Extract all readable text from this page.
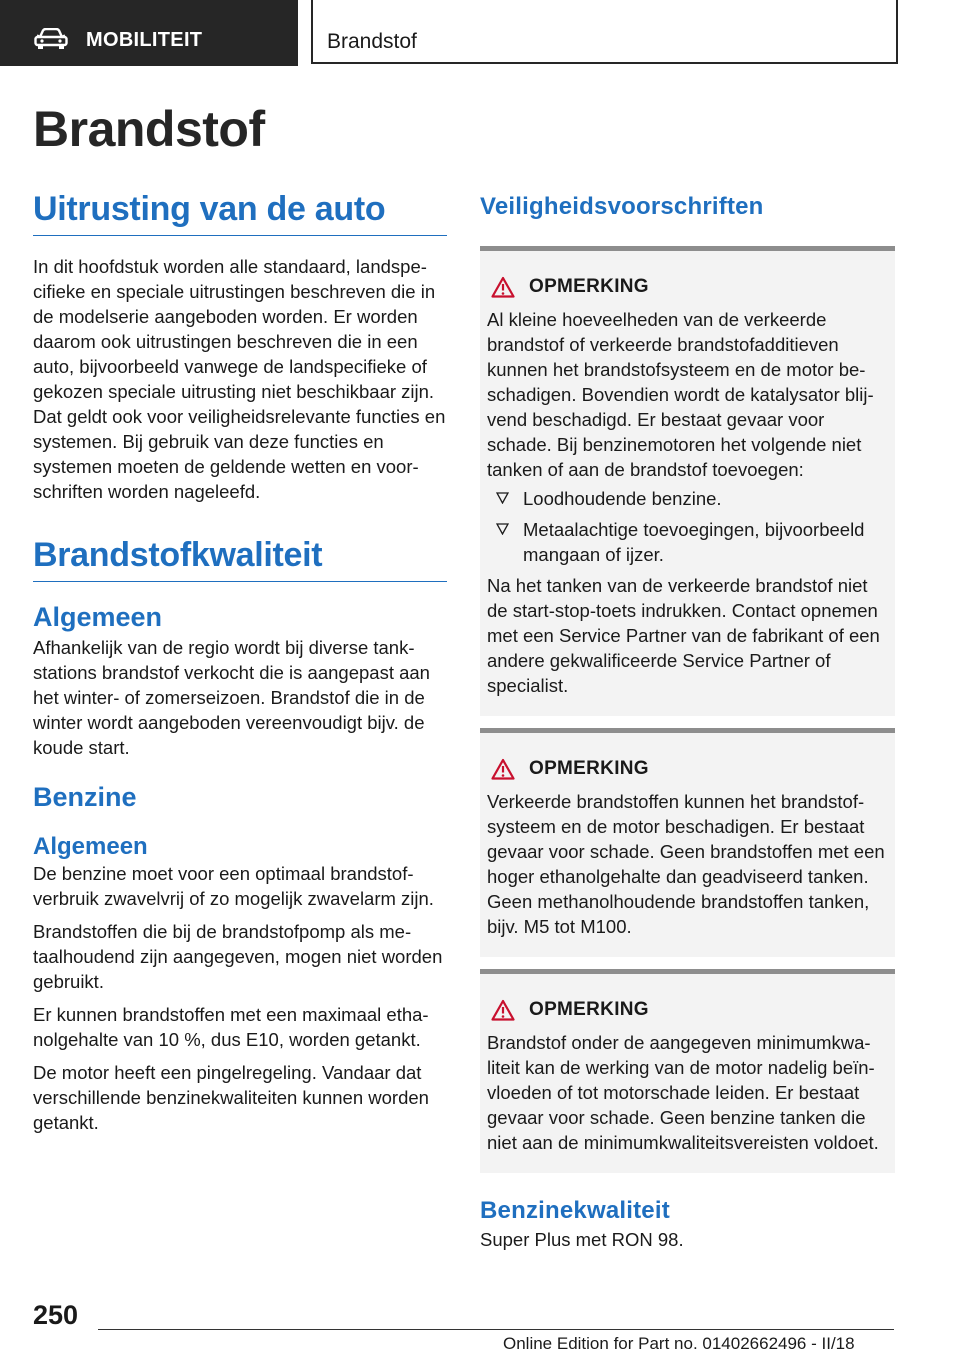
MOBILITEIT	Brandstof
Brandstof
Uitrusting van de auto

In dit hoofdstuk worden alle standaard, landspecifieke en speciale uitrustingen beschreven die in de modelserie aangeboden worden. Er worden daarom ook uitrustingen beschreven die in een auto, bijvoorbeeld vanwege de landspecifieke of gekozen speciale uitrusting niet beschikbaar zijn. Dat geldt ook voor veiligheidsrelevante functies en systemen. Bij gebruik van deze functies en systemen moeten de geldende wetten en voorschriften worden nageleefd.

Brandstofkwaliteit
Algemeen

Afhankelijk van de regio wordt bij diverse tankstations brandstof verkocht die is aangepast aan het winter- of zomerseizoen. Brandstof die in de winter wordt aangeboden vereenvoudigt bijv. de koude start.

Benzine
Algemeen

De benzine moet voor een optimaal brandstofverbruik zwavelvrij of zo mogelijk zwavelarm zijn.

Brandstoffen die bij de brandstofpomp als metaalhoudend zijn aangegeven, mogen niet worden gebruikt.

Er kunnen brandstoffen met een maximaal ethanolgehalte van 10 %, dus E10, worden getankt.

De motor heeft een pingelregeling. Vandaar dat verschillende benzinekwaliteiten kunnen worden getankt.

Veiligheidsvoorschriften
OPMERKING

Al kleine hoeveelheden van de verkeerde brandstof of verkeerde brandstofadditieven kunnen het brandstofsysteem en de motor beschadigen. Bovendien wordt de katalysator blijvend beschadigd. Er bestaat gevaar voor schade. Bij benzinemotoren het volgende niet tanken of aan de brandstof toevoegen:

Loodhoudende benzine.
Metaalachtige toevoegingen, bijvoorbeeld mangaan of ijzer.

Na het tanken van de verkeerde brandstof niet de start-stop-toets indrukken. Contact opnemen met een Service Partner van de fabrikant of een andere gekwalificeerde Service Partner of specialist.

OPMERKING

Verkeerde brandstoffen kunnen het brandstofsysteem en de motor beschadigen. Er bestaat gevaar voor schade. Geen brandstoffen met een hoger ethanolgehalte dan geadviseerd tanken. Geen methanolhoudende brandstoffen tanken, bijv. M5 tot M100.

OPMERKING

Brandstof onder de aangegeven minimumkwaliteit kan de werking van de motor nadelig beïnvloeden of tot motorschade leiden. Er bestaat gevaar voor schade. Geen benzine tanken die niet aan de minimumkwaliteitsvereisten voldoet.

Benzinekwaliteit

Super Plus met RON 98.

250
Online Edition for Part no. 01402662496 - II/18
